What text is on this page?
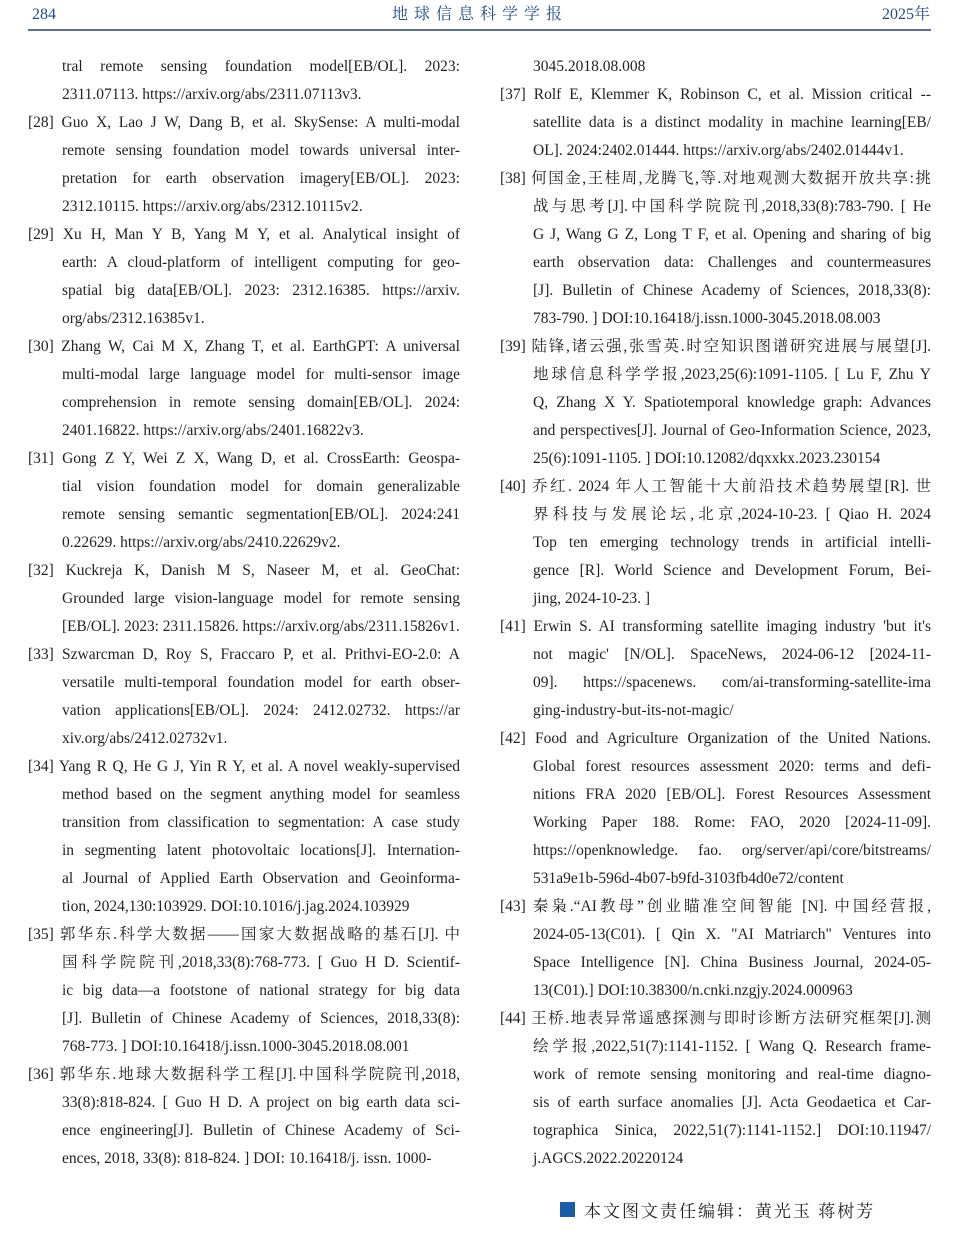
284	地球信息科学学报	2025年
tral remote sensing foundation model[EB/OL]. 2023:
2311.07113. https://arxiv.org/abs/2311.07113v3.
[28] Guo X, Lao J W, Dang B, et al. SkySense: A multi-modal
remote sensing foundation model towards universal inter-
pretation for earth observation imagery[EB/OL]. 2023:
2312.10115. https://arxiv.org/abs/2312.10115v2.
[29] Xu H, Man Y B, Yang M Y, et al. Analytical insight of
earth: A cloud-platform of intelligent computing for geo-
spatial big data[EB/OL]. 2023: 2312.16385. https://arxiv.
org/abs/2312.16385v1.
[30] Zhang W, Cai M X, Zhang T, et al. EarthGPT: A universal
multi-modal large language model for multi-sensor image
comprehension in remote sensing domain[EB/OL]. 2024:
2401.16822. https://arxiv.org/abs/2401.16822v3.
[31] Gong Z Y, Wei Z X, Wang D, et al. CrossEarth: Geospa-
tial vision foundation model for domain generalizable
remote sensing semantic segmentation[EB/OL]. 2024:241
0.22629. https://arxiv.org/abs/2410.22629v2.
[32] Kuckreja K, Danish M S, Naseer M, et al. GeoChat:
Grounded large vision-language model for remote sensing
[EB/OL]. 2023: 2311.15826. https://arxiv.org/abs/2311.15826v1.
[33] Szwarcman D, Roy S, Fraccaro P, et al. Prithvi-EO-2.0: A
versatile multi-temporal foundation model for earth obser-
vation applications[EB/OL]. 2024: 2412.02732. https://ar
xiv.org/abs/2412.02732v1.
[34] Yang R Q, He G J, Yin R Y, et al. A novel weakly-supervised
method based on the segment anything model for seamless
transition from classification to segmentation: A case study
in segmenting latent photovoltaic locations[J]. Internation-
al Journal of Applied Earth Observation and Geoinforma-
tion, 2024,130:103929. DOI:10.1016/j.jag.2024.103929
[35] 郭华东.科学大数据——国家大数据战略的基石[J]. 中
国科学院院刊,2018,33(8):768-773. [ Guo H D. Scientif-
ic big data—a footstone of national strategy for big data
[J]. Bulletin of Chinese Academy of Sciences, 2018,33(8):
768-773. ] DOI:10.16418/j.issn.1000-3045.2018.08.001
[36] 郭华东.地球大数据科学工程[J].中国科学院院刊,2018,
33(8):818-824. [ Guo H D. A project on big earth data sci-
ence engineering[J]. Bulletin of Chinese Academy of Sci-
ences, 2018, 33(8): 818-824. ] DOI: 10.16418/j. issn. 1000-
3045.2018.08.008
[37] Rolf E, Klemmer K, Robinson C, et al. Mission critical --
satellite data is a distinct modality in machine learning[EB/
OL]. 2024:2402.01444. https://arxiv.org/abs/2402.01444v1.
[38] 何国金,王桂周,龙腾飞,等.对地观测大数据开放共享:挑
战与思考[J].中国科学院院刊,2018,33(8):783-790. [ He
G J, Wang G Z, Long T F, et al. Opening and sharing of big
earth observation data: Challenges and countermeasures
[J]. Bulletin of Chinese Academy of Sciences, 2018,33(8):
783-790. ] DOI:10.16418/j.issn.1000-3045.2018.08.003
[39] 陆锋,诸云强,张雪英.时空知识图谱研究进展与展望[J].
地球信息科学学报,2023,25(6):1091-1105. [ Lu F, Zhu Y
Q, Zhang X Y. Spatiotemporal knowledge graph: Advances
and perspectives[J]. Journal of Geo-Information Science, 2023,
25(6):1091-1105. ] DOI:10.12082/dqxxkx.2023.230154
[40] 乔红. 2024 年人工智能十大前沿技术趋势展望[R]. 世
界科技与发展论坛,北京,2024-10-23. [ Qiao H. 2024
Top ten emerging technology trends in artificial intelli-
gence [R]. World Science and Development Forum, Bei-
jing, 2024-10-23. ]
[41] Erwin S. AI transforming satellite imaging industry 'but it's
not magic' [N/OL]. SpaceNews, 2024-06-12 [2024-11-
09]. https://spacenews. com/ai-transforming-satellite-ima
ging-industry-but-its-not-magic/
[42] Food and Agriculture Organization of the United Nations.
Global forest resources assessment 2020: terms and defi-
nitions FRA 2020 [EB/OL]. Forest Resources Assessment
Working Paper 188. Rome: FAO, 2020 [2024-11-09].
https://openknowledge. fao. org/server/api/core/bitstreams/
531a9e1b-596d-4b07-b9fd-3103fb4d0e72/content
[43] 秦枭.“AI教母”创业瞄准空间智能 [N]. 中国经营报,
2024-05-13(C01). [ Qin X. "AI Matriarch" Ventures into
Space Intelligence [N]. China Business Journal, 2024-05-
13(C01).] DOI:10.38300/n.cnki.nzgjy.2024.000963
[44] 王桥.地表异常遥感探测与即时诊断方法研究框架[J].测
绘学报,2022,51(7):1141-1152. [ Wang Q. Research frame-
work of remote sensing monitoring and real-time diagno-
sis of earth surface anomalies [J]. Acta Geodaetica et Car-
tographica Sinica, 2022,51(7):1141-1152.] DOI:10.11947/
j.AGCS.2022.20220124
本文图文责任编辑：黄光玉 蒋树芳
